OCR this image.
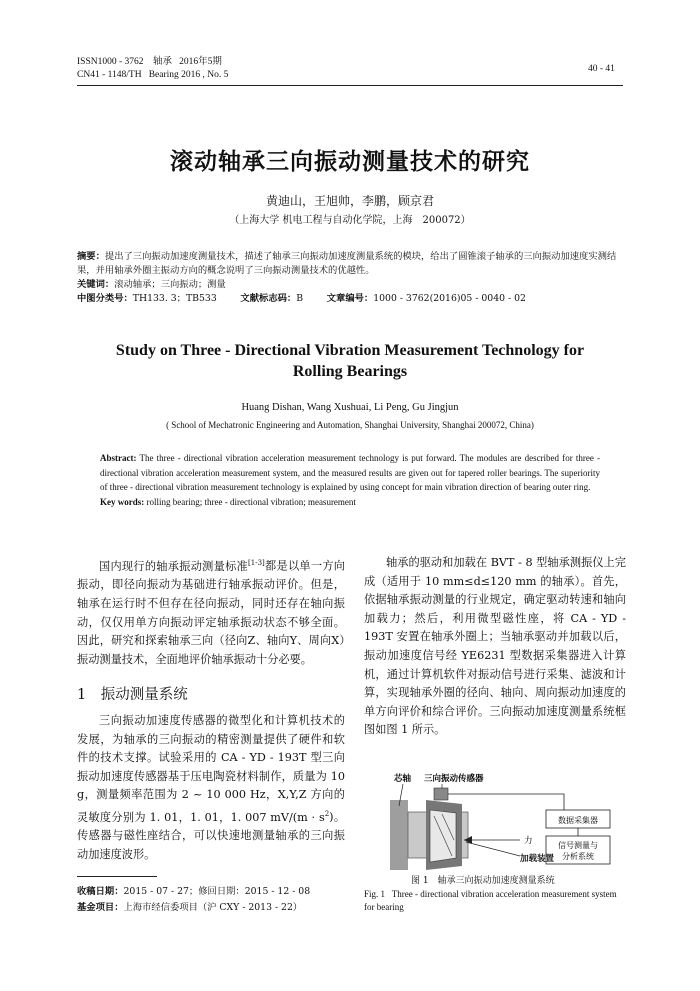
ISSN1000 - 3762 轴承 2016年5期
CN41 - 1148/TH Bearing 2016 , No. 5
40 - 41
滚动轴承三向振动测量技术的研究
黄迪山，王旭帅，李鹏，顾京君
（上海大学 机电工程与自动化学院，上海　200072）
摘要：提出了三向振动加速度测量技术，描述了轴承三向振动加速度测量系统的模块，给出了圆锥滚子轴承的三向振动加速度实测结果，并用轴承外圈主振动方向的概念说明了三向振动测量技术的优越性。
关键词：滚动轴承；三向振动；测量
中图分类号：TH133. 3；TB533	文献标志码：B	文章编号：1000 - 3762(2016)05 - 0040 - 02
Study on Three - Directional Vibration Measurement Technology for
Rolling Bearings
Huang Dishan, Wang Xushuai, Li Peng, Gu Jingjun
( School of Mechatronic Engineering and Automation, Shanghai University, Shanghai 200072, China)
Abstract: The three - directional vibration acceleration measurement technology is put forward. The modules are described for three - directional vibration acceleration measurement system, and the measured results are given out for tapered roller bearings. The superiority of three - directional vibration measurement technology is explained by using concept for main vibration direction of bearing outer ring.
Key words: rolling bearing; three - directional vibration; measurement
国内现行的轴承振动测量标准[1-3]都是以单一方向振动，即径向振动为基础进行轴承振动评价。但是，轴承在运行时不但存在径向振动，同时还存在轴向振动，仅仅用单方向振动评定轴承振动状态不够全面。因此，研究和探索轴承三向（径向Z、轴向Y、周向X）振动测量技术，全面地评价轴承振动十分必要。
1　振动测量系统
三向振动加速度传感器的微型化和计算机技术的发展，为轴承的三向振动的精密测量提供了硬件和软件的技术支撑。试验采用的 CA - YD - 193T 型三向振动加速度传感器基于压电陶瓷材料制作，质量为 10 g，测量频率范围为 2 ~ 10 000 Hz，X,Y,Z 方向的灵敏度分别为 1. 01，1. 01，1. 007 $mV/(m \cdot s^2)$。传感器与磁性座结合，可以快速地测量轴承的三向振动加速度波形。
收稿日期：2015 - 07 - 27；修回日期：2015 - 12 - 08
基金项目：上海市经信委项目（沪 CXY - 2013 - 22）
轴承的驱动和加载在 BVT - 8 型轴承测振仪上完成（适用于 10 mm≤d≤120 mm 的轴承）。首先，依据轴承振动测量的行业规定，确定驱动转速和轴向加载力；然后，利用微型磁性座，将 CA - YD - 193T 安置在轴承外圈上；当轴承驱动并加载以后，振动加速度信号经 YE6231 型数据采集器进入计算机，通过计算机软件对振动信号进行采集、滤波和计算，实现轴承外圈的径向、轴向、周向振动加速度的单方向评价和综合评价。三向振动加速度测量系统框图如图 1 所示。
力
数据采集器
信号测量与
分析系统
芯轴 三向振动传感器
加载装置
图 1　轴承三向振动加速度测量系统
Fig. 1 Three - directional vibration acceleration measurement system for bearing
